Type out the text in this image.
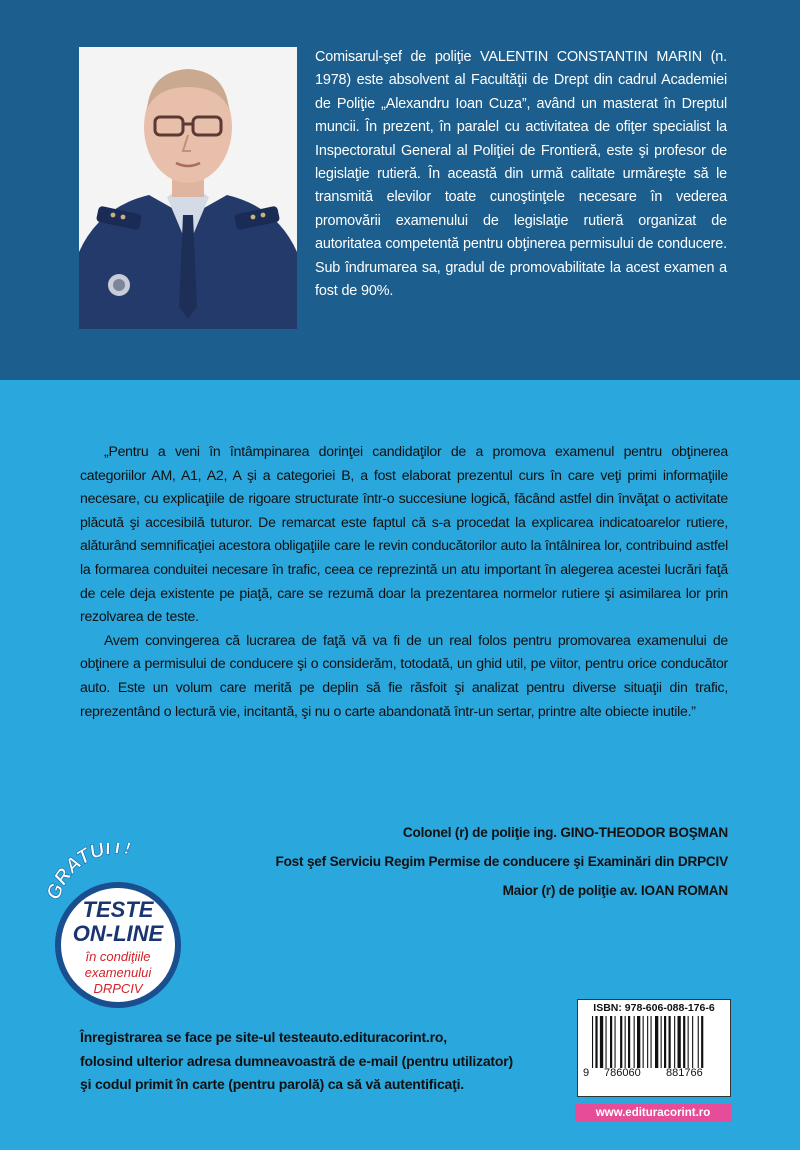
Comisarul-şef de poliţie VALENTIN CONSTANTIN MARIN (n. 1978) este absolvent al Facultăţii de Drept din cadrul Academiei de Poliţie „Alexandru Ioan Cuza”, având un masterat în Dreptul muncii. În prezent, în paralel cu activitatea de ofiţer specialist la Inspectoratul General al Poliţiei de Frontieră, este şi profesor de legislaţie rutieră. În această din urmă calitate urmăreşte să le transmită elevilor toate cunoştinţele necesare în vederea promovării examenului de legislaţie rutieră organizat de autoritatea competentă pentru obţinerea permisului de conducere. Sub îndrumarea sa, gradul de promovabilitate la acest examen a fost de 90%.

„Pentru a veni în întâmpinarea dorinţei candidaţilor de a promova examenul pentru obţinerea categoriilor AM, A1, A2, A şi a categoriei B, a fost elaborat prezentul curs în care veţi primi informaţiile necesare, cu explicaţiile de rigoare structurate într-o succesiune logică, făcând astfel din învăţat o activitate plăcută şi accesibilă tuturor. De remarcat este faptul că s-a procedat la explicarea indicatoarelor rutiere, alăturând semnificaţiei acestora obligaţiile care le revin conducătorilor auto la întâlnirea lor, contribuind astfel la formarea conduitei necesare în trafic, ceea ce reprezintă un atu important în alegerea acestei lucrări faţă de cele deja existente pe piaţă, care se rezumă doar la prezentarea normelor rutiere şi asimilarea lor prin rezolvarea de teste.

Avem convingerea că lucrarea de faţă vă va fi de un real folos pentru promovarea examenului de obţinere a permisului de conducere şi o considerăm, totodată, un ghid util, pe viitor, pentru orice conducător auto. Este un volum care merită pe deplin să fie răsfoit şi analizat pentru diverse situaţii din trafic, reprezentând o lectură vie, incitantă, şi nu o carte abandonată într-un sertar, printre alte obiecte inutile.”

Colonel (r) de poliţie ing. GINO-THEODOR BOŞMAN
Fost şef Serviciu Regim Permise de conducere şi Examinări din DRPCIV
Maior (r) de poliţie av. IOAN ROMAN
GRATUIT!
TESTE
ON-LINE
în condiţiile
examenului
DRPCIV
Înregistrarea se face pe site-ul testeauto.edituracorint.ro,
folosind ulterior adresa dumneavoastră de e-mail (pentru utilizator)
şi codul primit în carte (pentru parolă) ca să vă autentificaţi.
ISBN: 978-606-088-176-6
9 786060 881766
www.edituracorint.ro
